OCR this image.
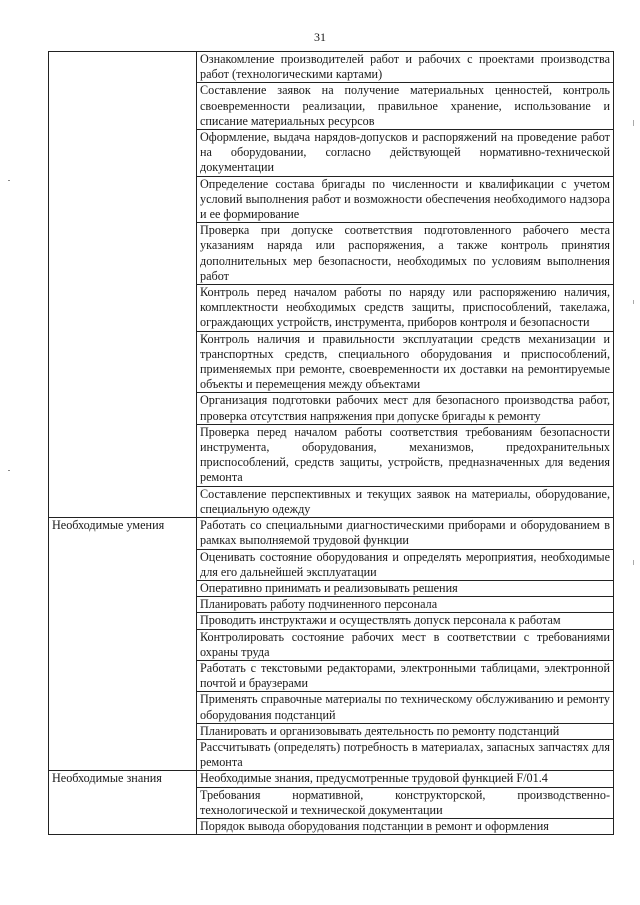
31
	Ознакомление производителей работ и рабочих с проектами производства работ (технологическими картами)
	Составление заявок на получение материальных ценностей, контроль своевременности реализации, правильное хранение, использование и списание материальных ресурсов
	Оформление, выдача нарядов-допусков и распоряжений на проведение работ на оборудовании, согласно действующей нормативно-технической документации
	Определение состава бригады по численности и квалификации с учетом условий выполнения работ и возможности обеспечения необходимого надзора и ее формирование
	Проверка при допуске соответствия подготовленного рабочего места указаниям наряда или распоряжения, а также контроль принятия дополнительных мер безопасности, необходимых по условиям выполнения работ
	Контроль перед началом работы по наряду или распоряжению наличия, комплектности необходимых средств защиты, приспособлений, такелажа, ограждающих устройств, инструмента, приборов контроля и безопасности
	Контроль наличия и правильности эксплуатации средств механизации и транспортных средств, специального оборудования и приспособлений, применяемых при ремонте, своевременности их доставки на ремонтируемые объекты и перемещения между объектами
	Организация подготовки рабочих мест для безопасного производства работ, проверка отсутствия напряжения при допуске бригады к ремонту
	Проверка перед началом работы соответствия требованиям безопасности инструмента, оборудования, механизмов, предохранительных приспособлений, средств защиты, устройств, предназначенных для ведения ремонта
	Составление перспективных и текущих заявок на материалы, оборудование, специальную одежду
Необходимые умения	Работать со специальными диагностическими приборами и оборудованием в рамках выполняемой трудовой функции
	Оценивать состояние оборудования и определять мероприятия, необходимые для его дальнейшей эксплуатации
	Оперативно принимать и реализовывать решения
	Планировать работу подчиненного персонала
	Проводить инструктажи и осуществлять допуск персонала к работам
	Контролировать состояние рабочих мест в соответствии с требованиями охраны труда
	Работать с текстовыми редакторами, электронными таблицами, электронной почтой и браузерами
	Применять справочные материалы по техническому обслуживанию и ремонту оборудования подстанций
	Планировать и организовывать деятельность по ремонту подстанций
	Рассчитывать (определять) потребность в материалах, запасных запчастях для ремонта
Необходимые знания	Необходимые знания, предусмотренные трудовой функцией F/01.4
	Требования нормативной, конструкторской, производственно-технологической и технической документации
	Порядок вывода оборудования подстанции в ремонт и оформления
